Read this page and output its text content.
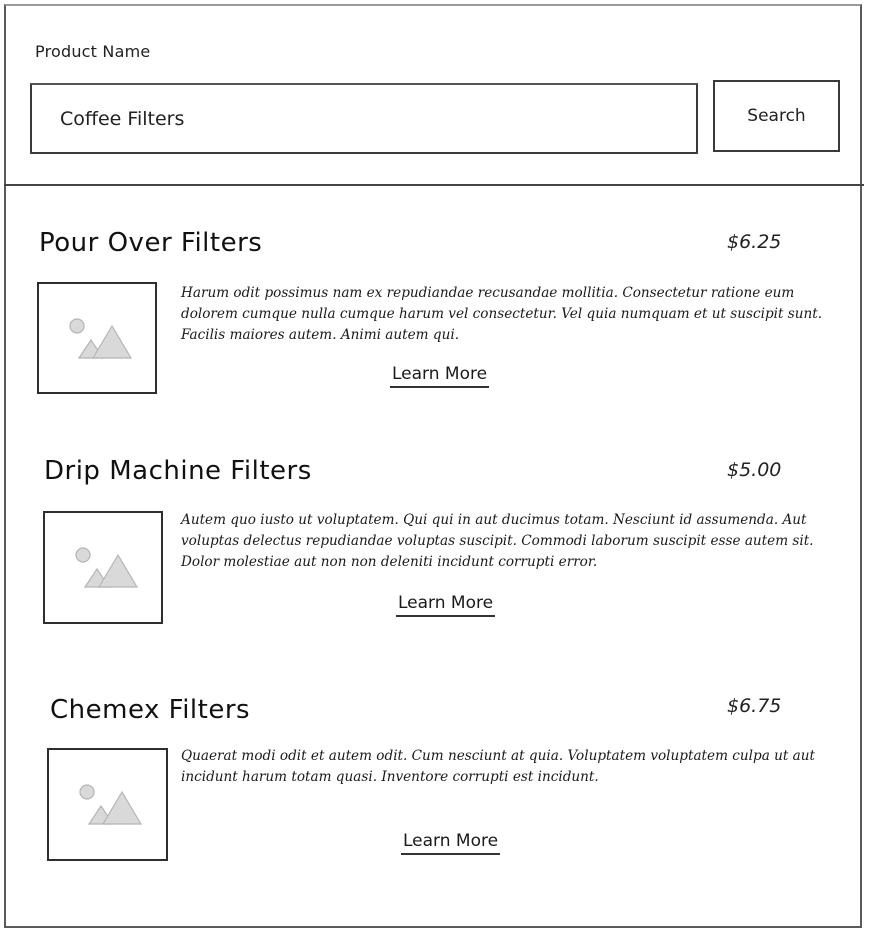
Product Name
Coffee Filters
Search
Pour Over Filters	$6.25
Harum odit possimus nam ex repudiandae recusandae mollitia. Consectetur ratione eum dolorem cumque nulla cumque harum vel consectetur. Vel quia numquam et ut suscipit sunt. Facilis maiores autem. Animi autem qui.
Learn More
Drip Machine Filters	$5.00
Autem quo iusto ut voluptatem. Qui qui in aut ducimus totam. Nesciunt id assumenda. Aut voluptas delectus repudiandae voluptas suscipit. Commodi laborum suscipit esse autem sit. Dolor molestiae aut non non deleniti incidunt corrupti error.
Learn More
Chemex Filters	$6.75
Quaerat modi odit et autem odit. Cum nesciunt at quia. Voluptatem voluptatem culpa ut aut incidunt harum totam quasi. Inventore corrupti est incidunt.
Learn More
